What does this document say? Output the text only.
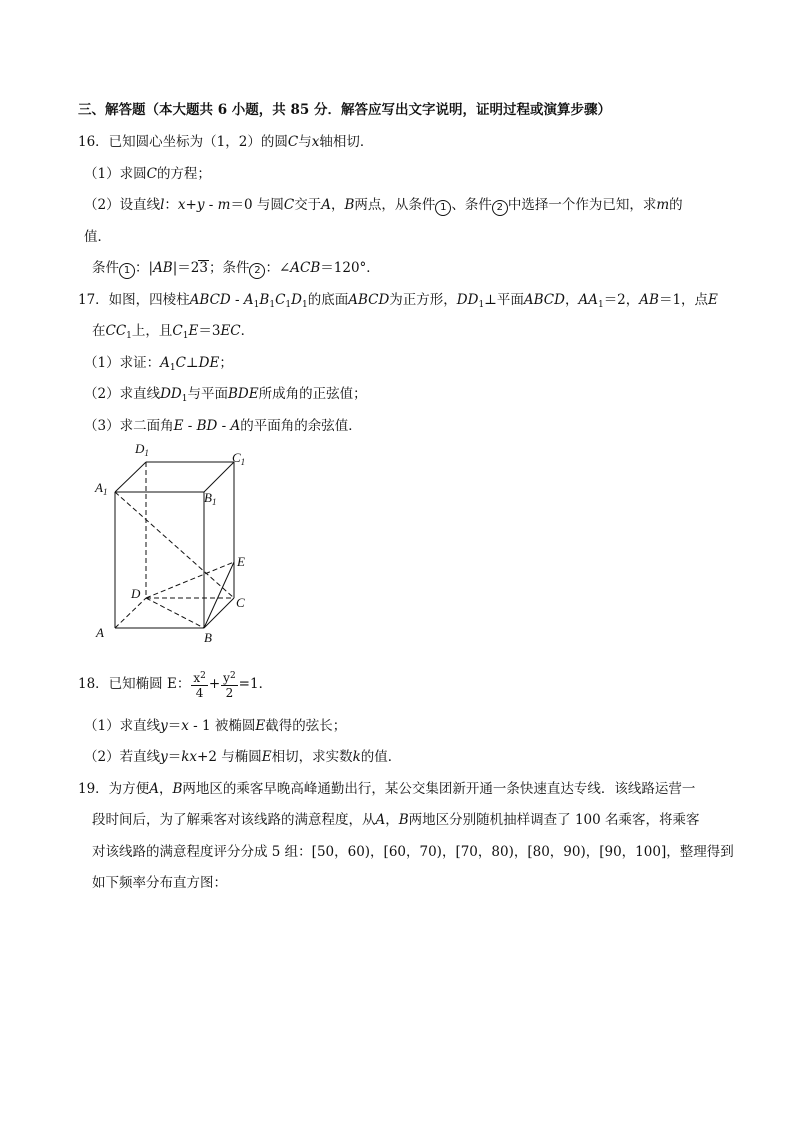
三、解答题（本大题共 6 小题，共 85 分．解答应写出文字说明，证明过程或演算步骤）
16．已知圆心坐标为（1，2）的圆C与x轴相切．
（1）求圆C的方程；
（2）设直线l：x+y - m＝0 与圆C交于A，B两点，从条件 1 、条件 2 中选择一个作为已知，求m的
值．
条件 1 ：|AB|＝23；条件 2 ：∠ACB＝120°．
17．如图，四棱柱ABCD - $A_1B_1C_1D_1$的底面ABCD为正方形，$DD_1\perp$平面ABCD，$AA_1=2$，AB＝1，点E
在$CC_1$上，且$C_1E=3EC$．
（1）求证：$A_1C\perp DE$；
（2）求直线$DD_1$与平面BDE所成角的正弦值；
（3）求二面角E - BD - A的平面角的余弦值．
$D_1$	$C_1$
$A_1$	$B_1$
E
D
C
A	B
18．已知椭圆 E： $\frac{x^2}{4} + \frac{y^2}{2} =1$．
（1）求直线y＝x - 1 被椭圆E截得的弦长；
（2）若直线y＝kx+2 与椭圆E相切，求实数k的值．
19．为方便A，B两地区的乘客早晚高峰通勤出行，某公交集团新开通一条快速直达专线．该线路运营一
段时间后，为了解乘客对该线路的满意程度，从A，B两地区分别随机抽样调查了 100 名乘客，将乘客
对该线路的满意程度评分分成 5 组：[50，60)，[60，70)，[70，80)，[80，90)，[90，100]，整理得到
如下频率分布直方图：
